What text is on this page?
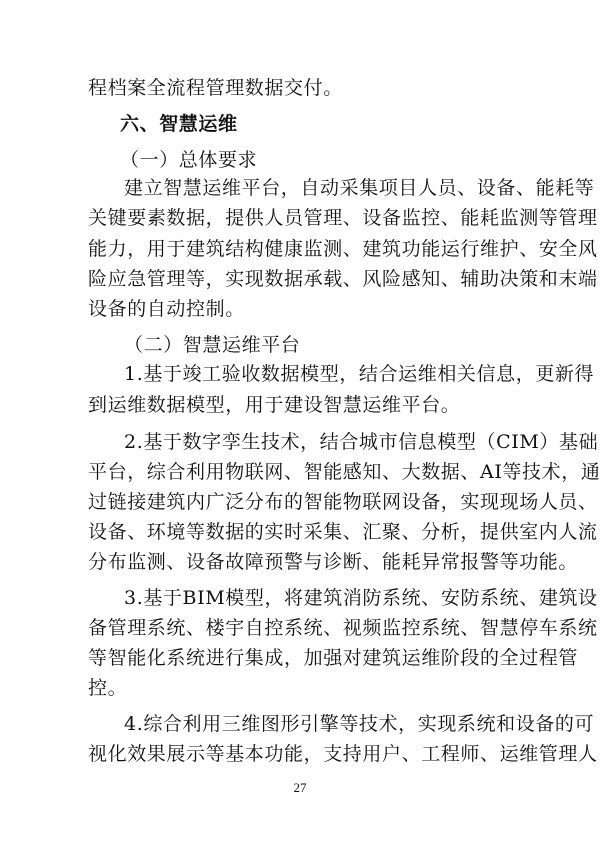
程档案全流程管理数据交付。
六、智慧运维
（一）总体要求
建立智慧运维平台，自动采集项目人员、设备、能耗等
关键要素数据，提供人员管理、设备监控、能耗监测等管理
能力，用于建筑结构健康监测、建筑功能运行维护、安全风
险应急管理等，实现数据承载、风险感知、辅助决策和末端
设备的自动控制。
（二）智慧运维平台
1.基于竣工验收数据模型，结合运维相关信息，更新得
到运维数据模型，用于建设智慧运维平台。
2.基于数字孪生技术，结合城市信息模型（CIM）基础
平台，综合利用物联网、智能感知、大数据、AI等技术，通
过链接建筑内广泛分布的智能物联网设备，实现现场人员、
设备、环境等数据的实时采集、汇聚、分析，提供室内人流
分布监测、设备故障预警与诊断、能耗异常报警等功能。
3.基于BIM模型，将建筑消防系统、安防系统、建筑设
备管理系统、楼宇自控系统、视频监控系统、智慧停车系统
等智能化系统进行集成，加强对建筑运维阶段的全过程管
控。
4.综合利用三维图形引擎等技术，实现系统和设备的可
视化效果展示等基本功能，支持用户、工程师、运维管理人
27
